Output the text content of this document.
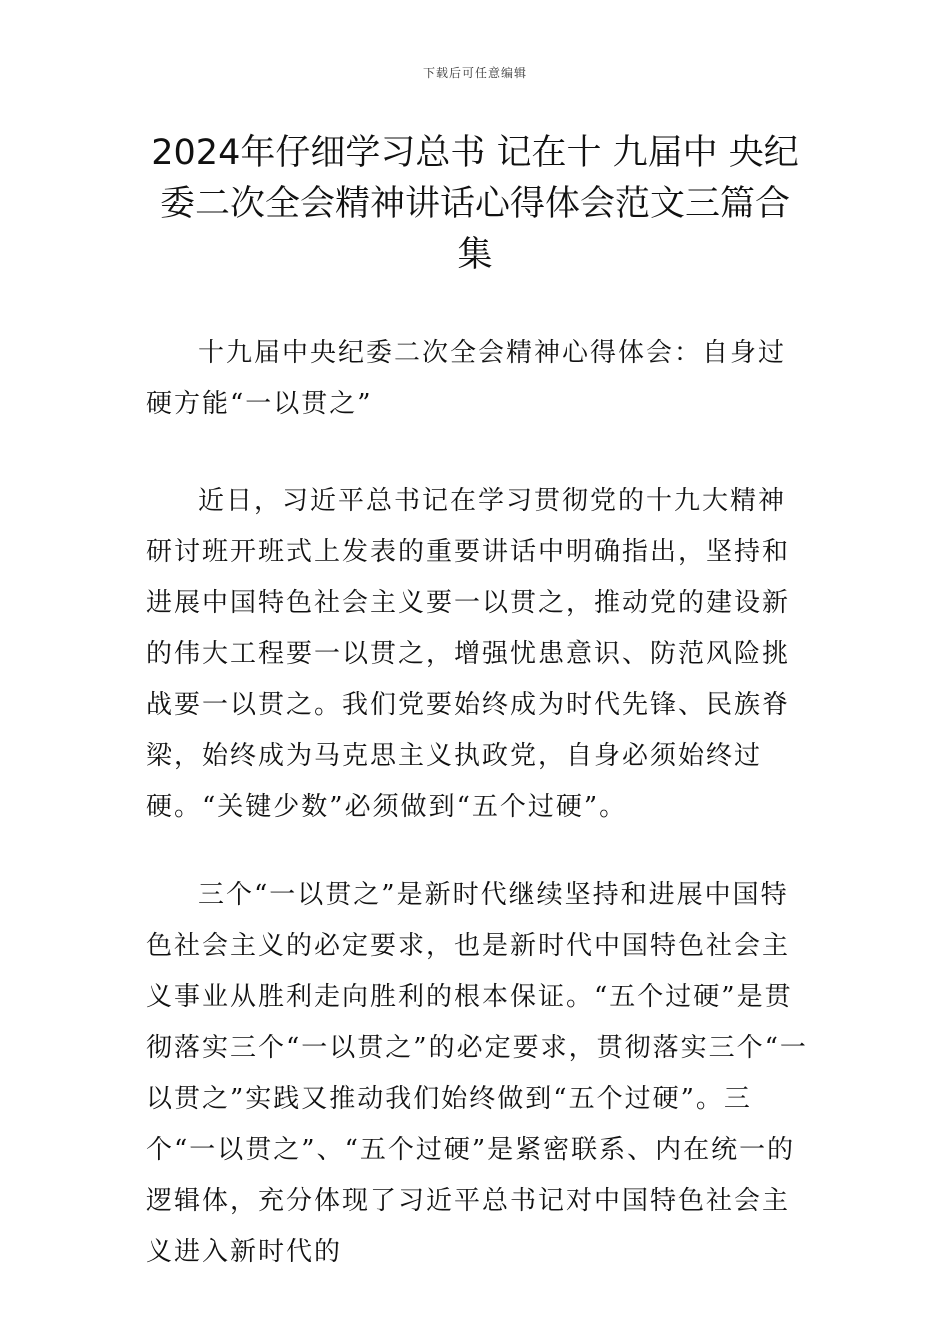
下载后可任意编辑
2024年仔细学习总书 记在十 九届中 央纪
委二次全会精神讲话心得体会范文三篇合
集

十九届中央纪委二次全会精神心得体会：自身过硬方能“一以贯之”

近日，习近平总书记在学习贯彻党的十九大精神研讨班开班式上发表的重要讲话中明确指出，坚持和进展中国特色社会主义要一以贯之，推动党的建设新的伟大工程要一以贯之，增强忧患意识、防范风险挑战要一以贯之。我们党要始终成为时代先锋、民族脊梁，始终成为马克思主义执政党，自身必须始终过硬。“关键少数”必须做到“五个过硬”。

三个“一以贯之”是新时代继续坚持和进展中国特色社会主义的必定要求，也是新时代中国特色社会主义事业从胜利走向胜利的根本保证。“五个过硬”是贯彻落实三个“一以贯之”的必定要求，贯彻落实三个“一以贯之”实践又推动我们始终做到“五个过硬”。三个“一以贯之”、“五个过硬”是紧密联系、内在统一的逻辑体，充分体现了习近平总书记对中国特色社会主义进入新时代的
